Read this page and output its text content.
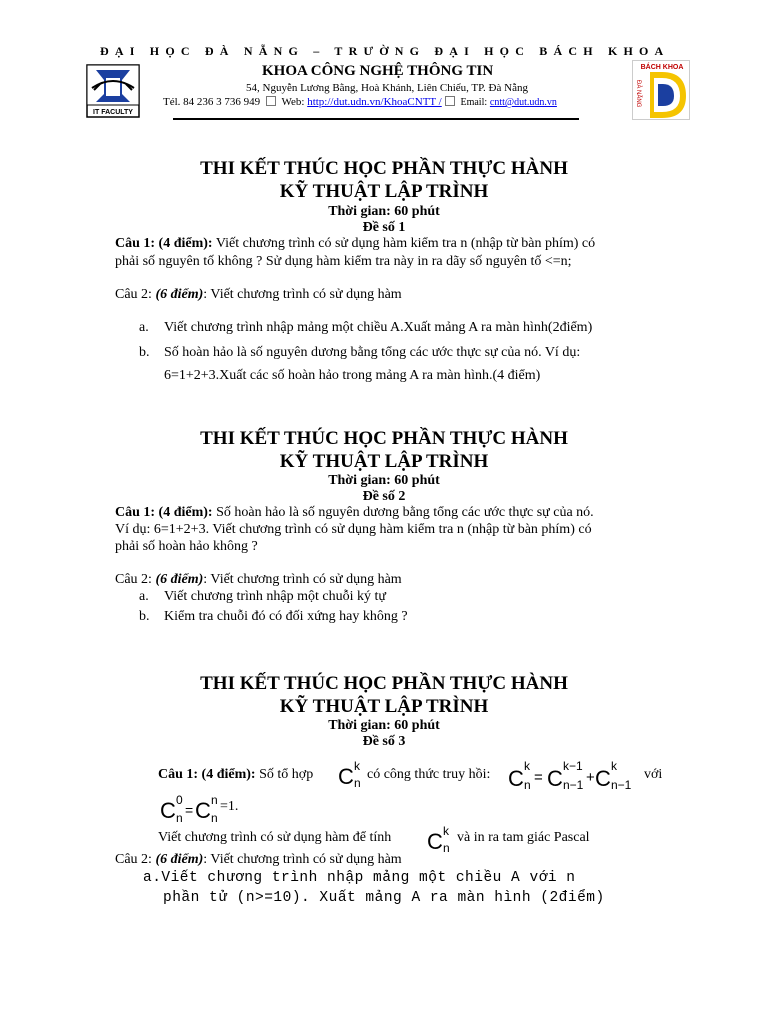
ĐẠI HỌC ĐÀ NẴNG – TRƯỜNG ĐẠI HỌC BÁCH KHOA
IT FACULTY
KHOA CÔNG NGHỆ THÔNG TIN
54, Nguyễn Lương Bằng, Hoà Khánh, Liên Chiểu, TP. Đà Nẵng
Tél. 84 236 3 736 949 Web: http://dut.udn.vn/KhoaCNTT / Email: cntt@dut.udn.vn
BÁCH KHOA
ĐÀ NẴNG
THI KẾT THÚC HỌC PHẦN THỰC HÀNH
KỸ THUẬT LẬP TRÌNH
Thời gian: 60 phút
Đề số 1
Câu 1: (4 điểm): Viết chương trình có sử dụng hàm kiểm tra n (nhập từ bàn phím) có
phải số nguyên tố không ? Sử dụng hàm kiểm tra này in ra dãy số nguyên tố <=n;
Câu 2: (6 điểm): Viết chương trình có sử dụng hàm
a. Viết chương trình nhập mảng một chiều A.Xuất mảng A ra màn hình(2điểm)
b. Số hoàn hảo là số nguyên dương bằng tổng các ước thực sự của nó. Ví dụ:
6=1+2+3.Xuất các số hoàn hảo trong mảng A ra màn hình.(4 điểm)
THI KẾT THÚC HỌC PHẦN THỰC HÀNH
KỸ THUẬT LẬP TRÌNH
Thời gian: 60 phút
Đề số 2
Câu 1: (4 điểm): Số hoàn hảo là số nguyên dương bằng tổng các ước thực sự của nó.
Ví dụ: 6=1+2+3. Viết chương trình có sử dụng hàm kiểm tra n (nhập từ bàn phím) có
phải số hoàn hảo không ?
Câu 2: (6 điểm): Viết chương trình có sử dụng hàm
a. Viết chương trình nhập một chuỗi ký tự
b. Kiểm tra chuỗi đó có đối xứng hay không ?
THI KẾT THÚC HỌC PHẦN THỰC HÀNH
KỸ THUẬT LẬP TRÌNH
Thời gian: 60 phút
Đề số 3
Câu 1: (4 điểm): Số tổ hợp C k
n
có công thức truy hồi: C k
n = C k−1
n−1 + C k
n−1
với
C 0
n = C n
n
=1.
Viết chương trình có sử dụng hàm để tính C k
n
và in ra tam giác Pascal
Câu 2: (6 điểm): Viết chương trình có sử dụng hàm
a.Viết chương trình nhập mảng một chiều A với n
phần tử (n>=10). Xuất mảng A ra màn hình (2điểm)
